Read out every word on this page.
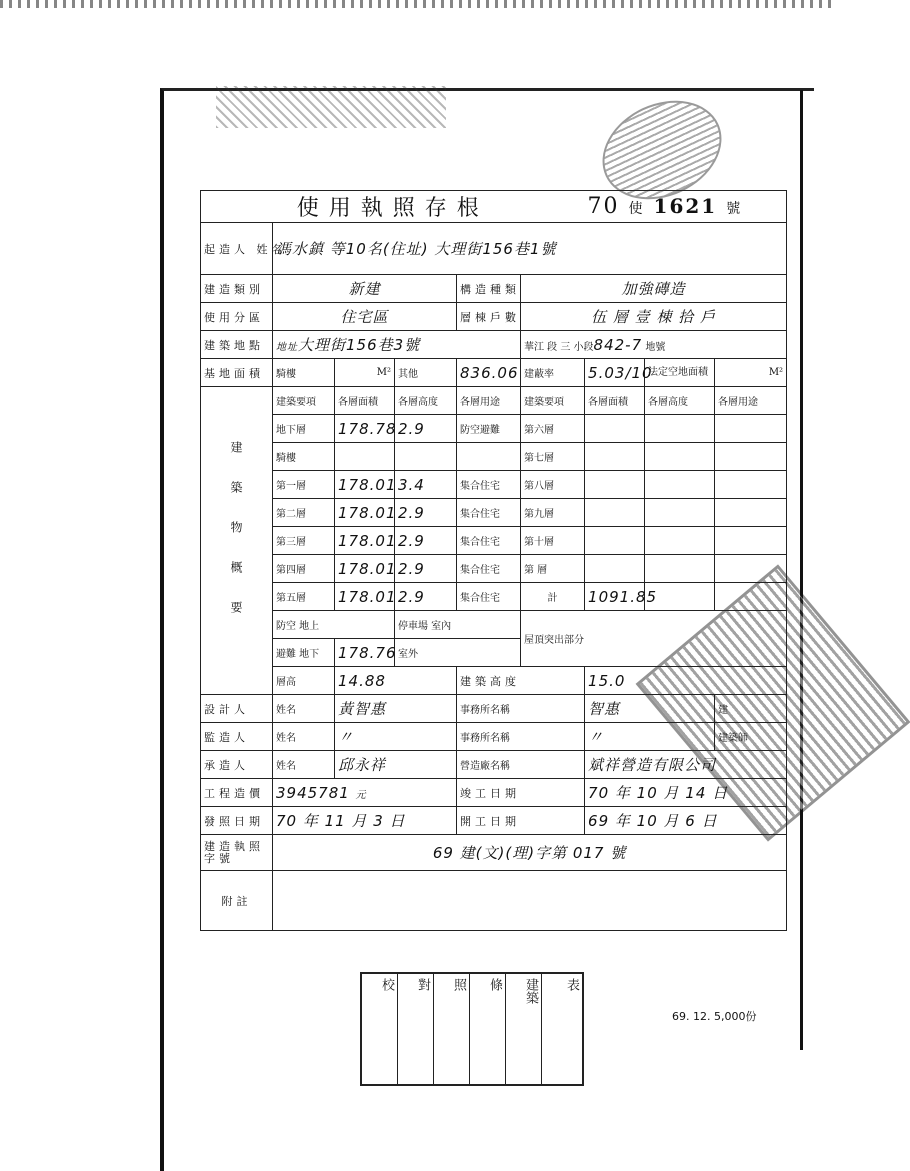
使用執照存根						70 使 1621 號		
起造人 姓名	馮水鎮 等10名(住址) 大理街156巷1號							
建造類別	新建			構造種類	加強磚造			
使用分區	住宅區			層棟戶數	伍 層 壹 棟 拾 戶			
建築地點	地址大理街156巷3號				華江 段 三 小段842-7 地號			
基地面積	騎樓	M²	其他	836.06	建蔽率	5.03/10	法定空地面積	M²

建築物概要	建築要項	各層面積	各層高度	各層用途	建築要項	各層面積	各層高度	各層用途
	地下層	178.78	2.9	防空避難	第六層			
	騎樓				第七層			
	第一層	178.01	3.4	集合住宅	第八層			
	第二層	178.01	2.9	集合住宅	第九層			
	第三層	178.01	2.9	集合住宅	第十層			
	第四層	178.01	2.9	集合住宅	第 層			
	第五層	178.01	2.9	集合住宅	計	1091.85		
	防空 地上		停車場 室內		屋頂突出部分			
	避難 地下	178.76	室外					
	層高	14.88		建築高度		15.0		
設計人	姓名	黃智惠		事務所名稱		智惠		建
監造人	姓名	〃		事務所名稱		〃		建築師
承造人	姓名	邱永祥		營造廠名稱		斌祥營造有限公司		
工程造價	3945781 元			竣工日期		70 年 10 月 14 日		
發照日期	70 年 11 月 3 日			開工日期		69 年 10 月 6 日		
建造執照字號	69 建(文)(理)字第 017 號							
附註								
校	對	照	條	建築	表
69. 12. 5,000份
